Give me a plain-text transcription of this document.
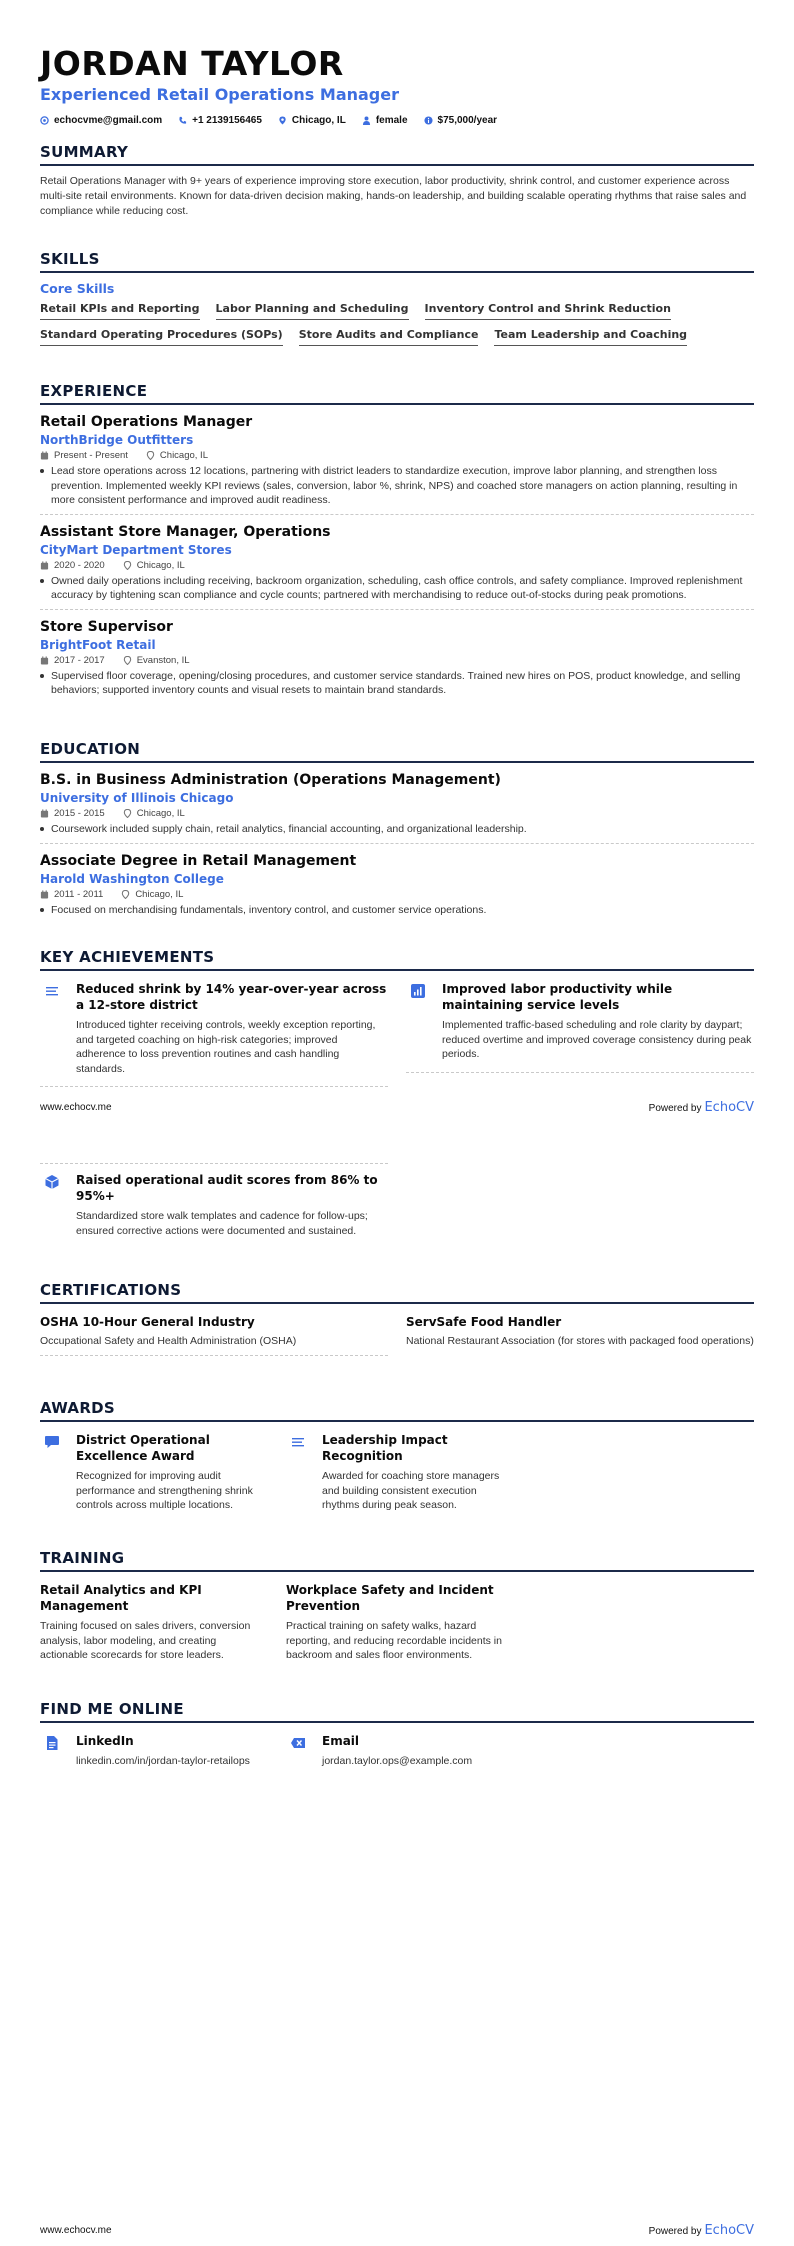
JORDAN TAYLOR
Experienced Retail Operations Manager
echocvme@gmail.com	+1 2139156465	Chicago, IL	female	$75,000/year
SUMMARY
Retail Operations Manager with 9+ years of experience improving store execution, labor productivity, shrink control, and customer experience across multi-site retail environments. Known for data-driven decision making, hands-on leadership, and building scalable operating rhythms that raise sales and compliance while reducing cost.
SKILLS
Core Skills
Retail KPIs and Reporting Labor Planning and Scheduling Inventory Control and Shrink Reduction
Standard Operating Procedures (SOPs) Store Audits and Compliance Team Leadership and Coaching
EXPERIENCE
Retail Operations Manager
NorthBridge Outfitters
Present - Present	Chicago, IL
Lead store operations across 12 locations, partnering with district leaders to standardize execution, improve labor planning, and strengthen loss prevention. Implemented weekly KPI reviews (sales, conversion, labor %, shrink, NPS) and coached store managers on action planning, resulting in more consistent performance and improved audit readiness.
Assistant Store Manager, Operations
CityMart Department Stores
2020 - 2020	Chicago, IL
Owned daily operations including receiving, backroom organization, scheduling, cash office controls, and safety compliance. Improved replenishment accuracy by tightening scan compliance and cycle counts; partnered with merchandising to reduce out-of-stocks during peak promotions.
Store Supervisor
BrightFoot Retail
2017 - 2017	Evanston, IL
Supervised floor coverage, opening/closing procedures, and customer service standards. Trained new hires on POS, product knowledge, and selling behaviors; supported inventory counts and visual resets to maintain brand standards.
EDUCATION
B.S. in Business Administration (Operations Management)
University of Illinois Chicago
2015 - 2015	Chicago, IL
Coursework included supply chain, retail analytics, financial accounting, and organizational leadership.
Associate Degree in Retail Management
Harold Washington College
2011 - 2011	Chicago, IL
Focused on merchandising fundamentals, inventory control, and customer service operations.
KEY ACHIEVEMENTS
Reduced shrink by 14% year-over-year across a 12-store district
Introduced tighter receiving controls, weekly exception reporting, and targeted coaching on high-risk categories; improved adherence to loss prevention routines and cash handling standards.
Improved labor productivity while maintaining service levels
Implemented traffic-based scheduling and role clarity by daypart; reduced overtime and improved coverage consistency during peak periods.
www.echocv.me	Powered by EchoCV
Raised operational audit scores from 86% to 95%+
Standardized store walk templates and cadence for follow-ups; ensured corrective actions were documented and sustained.
CERTIFICATIONS
OSHA 10-Hour General Industry
Occupational Safety and Health Administration (OSHA)
ServSafe Food Handler
National Restaurant Association (for stores with packaged food operations)
AWARDS
District Operational Excellence Award
Recognized for improving audit performance and strengthening shrink controls across multiple locations.
Leadership Impact Recognition
Awarded for coaching store managers and building consistent execution rhythms during peak season.
TRAINING
Retail Analytics and KPI Management
Training focused on sales drivers, conversion analysis, labor modeling, and creating actionable scorecards for store leaders.
Workplace Safety and Incident Prevention
Practical training on safety walks, hazard reporting, and reducing recordable incidents in backroom and sales floor environments.
FIND ME ONLINE
LinkedIn
linkedin.com/in/jordan-taylor-retailops
Email
jordan.taylor.ops@example.com
www.echocv.me	Powered by EchoCV
